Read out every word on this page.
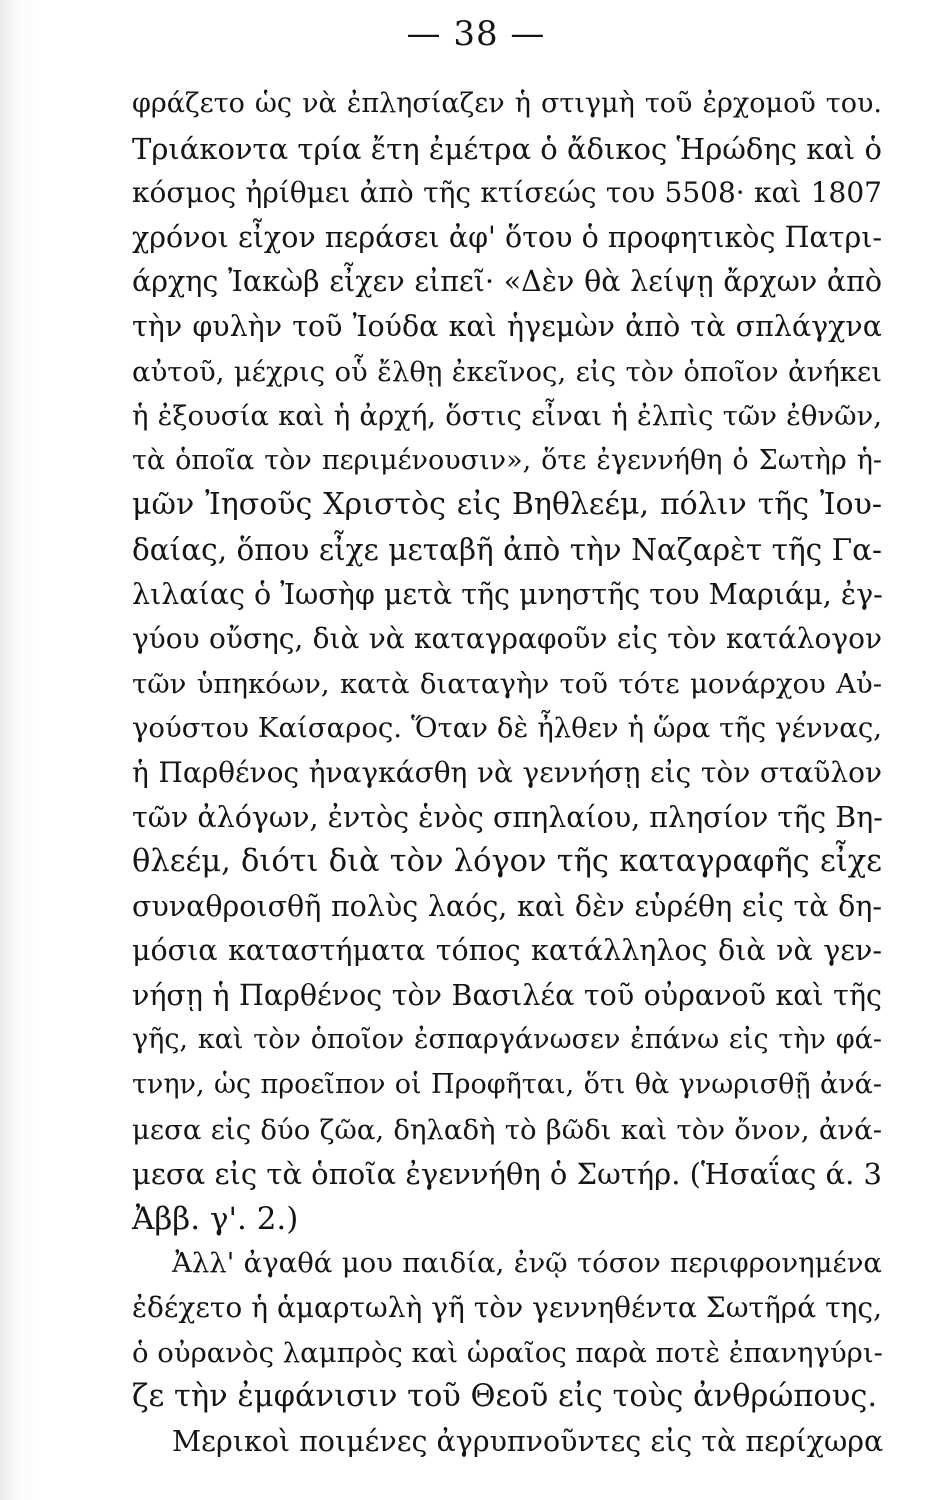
— 38 —
φράζετο ὡς νὰ ἐπλησίαζεν ἡ στιγμὴ τοῦ ἐρχομοῦ του.
Τριάκοντα τρία ἔτη ἐμέτρα ὁ ἄδικος Ἡρώδης καὶ ὁ
κόσμος ἠρίθμει ἀπὸ τῆς κτίσεώς του 5508· καὶ 1807
χρόνοι εἶχον περάσει ἀφ' ὅτου ὁ προφητικὸς Πατρι-
άρχης Ἰακὼβ εἶχεν εἰπεῖ· «Δὲν θὰ λείψῃ ἄρχων ἀπὸ
τὴν φυλὴν τοῦ Ἰούδα καὶ ἡγεμὼν ἀπὸ τὰ σπλάγχνα
αὐτοῦ, μέχρις οὗ ἔλθῃ ἐκεῖνος, εἰς τὸν ὁποῖον ἀνήκει
ἡ ἐξουσία καὶ ἡ ἀρχή, ὅστις εἶναι ἡ ἐλπὶς τῶν ἐθνῶν,
τὰ ὁποῖα τὸν περιμένουσιν», ὅτε ἐγεννήθη ὁ Σωτὴρ ἡ-
μῶν Ἰησοῦς Χριστὸς εἰς Βηθλεέμ, πόλιν τῆς Ἰου-
δαίας, ὅπου εἶχε μεταβῆ ἀπὸ τὴν Ναζαρὲτ τῆς Γα-
λιλαίας ὁ Ἰωσὴφ μετὰ τῆς μνηστῆς του Μαριάμ, ἐγ-
γύου οὔσης, διὰ νὰ καταγραφοῦν εἰς τὸν κατάλογον
τῶν ὑπηκόων, κατὰ διαταγὴν τοῦ τότε μονάρχου Αὐ-
γούστου Καίσαρος. Ὅταν δὲ ἦλθεν ἡ ὥρα τῆς γέννας,
ἡ Παρθένος ἠναγκάσθη νὰ γεννήσῃ εἰς τὸν σταῦλον
τῶν ἀλόγων, ἐντὸς ἑνὸς σπηλαίου, πλησίον τῆς Βη-
θλεέμ, διότι διὰ τὸν λόγον τῆς καταγραφῆς εἶχε
συναθροισθῆ πολὺς λαός, καὶ δὲν εὑρέθη εἰς τὰ δη-
μόσια καταστήματα τόπος κατάλληλος διὰ νὰ γεν-
νήσῃ ἡ Παρθένος τὸν Βασιλέα τοῦ οὐρανοῦ καὶ τῆς
γῆς, καὶ τὸν ὁποῖον ἐσπαργάνωσεν ἐπάνω εἰς τὴν φά-
τνην, ὡς προεῖπον οἱ Προφῆται, ὅτι θὰ γνωρισθῇ ἀνά-
μεσα εἰς δύο ζῶα, δηλαδὴ τὸ βῶδι καὶ τὸν ὄνον, ἀνά-
μεσα εἰς τὰ ὁποῖα ἐγεννήθη ὁ Σωτήρ. (Ἡσαΐας ά. 3
Ἀββ. γ'. 2.)
Ἀλλ' ἀγαθά μου παιδία, ἐνῷ τόσον περιφρονημένα
ἐδέχετο ἡ ἁμαρτωλὴ γῆ τὸν γεννηθέντα Σωτῆρά της,
ὁ οὐρανὸς λαμπρὸς καὶ ὡραῖος παρὰ ποτὲ ἐπανηγύρι-
ζε τὴν ἐμφάνισιν τοῦ Θεοῦ εἰς τοὺς ἀνθρώπους.
Μερικοὶ ποιμένες ἀγρυπνοῦντες εἰς τὰ περίχωρα
